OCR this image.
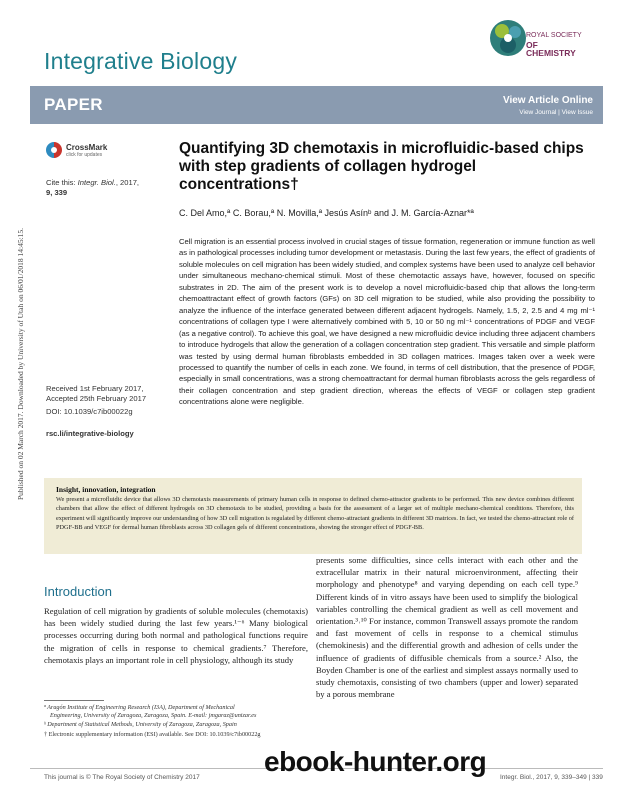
Published on 02 March 2017. Downloaded by University of Utah on 06/01/2018 14:45:15.
Integrative Biology
ROYAL SOCIETY
OF CHEMISTRY
PAPER	View Article Online
View Journal | View Issue
CrossMark
click for updates
Cite this: Integr. Biol., 2017,
9, 339
Received 1st February 2017,
Accepted 25th February 2017
DOI: 10.1039/c7ib00022g
rsc.li/integrative-biology
Quantifying 3D chemotaxis in microfluidic-based chips with step gradients of collagen hydrogel concentrations†
C. Del Amo,ª C. Borau,ª N. Movilla,ª Jesús Asínᵇ and J. M. García-Aznar*ª
Cell migration is an essential process involved in crucial stages of tissue formation, regeneration or immune function as well as in pathological processes including tumor development or metastasis. During the last few years, the effect of gradients of soluble molecules on cell migration has been widely studied, and complex systems have been used to analyze cell behavior under simultaneous mechano-chemical stimuli. Most of these chemotactic assays have, however, focused on specific substrates in 2D. The aim of the present work is to develop a novel microfluidic-based chip that allows the long-term chemoattractant effect of growth factors (GFs) on 3D cell migration to be studied, while also providing the possibility to analyze the influence of the interface generated between different adjacent hydrogels. Namely, 1.5, 2, 2.5 and 4 mg ml⁻¹ concentrations of collagen type I were alternatively combined with 5, 10 or 50 ng ml⁻¹ concentrations of PDGF and VEGF (as a negative control). To achieve this goal, we have designed a new microfluidic device including three adjacent chambers to introduce hydrogels that allow the generation of a collagen concentration step gradient. This versatile and simple platform was tested by using dermal human fibroblasts embedded in 3D collagen matrices. Images taken over a week were processed to quantify the number of cells in each zone. We found, in terms of cell distribution, that the presence of PDGF, especially in small concentrations, was a strong chemoattractant for dermal human fibroblasts across the gels regardless of their collagen concentration and step gradient direction, whereas the effects of VEGF or collagen step gradient concentrations alone were negligible.
Insight, innovation, integration
We present a microfluidic device that allows 3D chemotaxis measurements of primary human cells in response to defined chemo-attractor gradients to be performed. This new device combines different chambers that allow the effect of different hydrogels on 3D chemotaxis to be studied, providing a basis for the assessment of a larger set of multiple mechano-chemical conditions. Therefore, this experiment will significantly improve our understanding of how 3D cell migration is regulated by different chemo-attractant gradients in different 3D matrices. In fact, we tested the chemo-attractant role of PDGF-BB and VEGF for dermal human fibroblasts across 3D collagen gels of different concentrations, showing the stronger effect of PDGF-BB.
Introduction
Regulation of cell migration by gradients of soluble molecules (chemotaxis) has been widely studied during the last few years.¹⁻⁶ Many biological processes occurring during both normal and pathological functions require the migration of cells in response to chemical gradients.⁷ Therefore, chemotaxis plays an important role in cell physiology, although its study
presents some difficulties, since cells interact with each other and the extracellular matrix in their natural microenvironment, affecting their morphology and phenotype⁸ and varying depending on each cell type.⁹ Different kinds of in vitro assays have been used to simplify the biological variables controlling the chemical gradient as well as cell movement and orientation.³˒¹⁰ For instance, common Transwell assays promote the random and fast movement of cells in response to a chemical stimulus (chemokinesis) and the differential growth and adhesion of cells under the influence of gradients of diffusible chemicals from a source.² Also, the Boyden Chamber is one of the earliest and simplest assays normally used to study chemotaxis, consisting of two chambers (upper and lower) separated by a porous membrane
ª Aragón Institute of Engineering Research (I3A), Department of Mechanical
Engineering, University of Zaragoza, Zaragoza, Spain. E-mail: jmgaraz@unizar.es
ᵇ Department of Statistical Methods, University of Zaragoza, Zaragoza, Spain
† Electronic supplementary information (ESI) available. See DOI: 10.1039/c7ib00022g
This journal is © The Royal Society of Chemistry 2017	Integr. Biol., 2017, 9, 339–349 | 339
ebook-hunter.org
